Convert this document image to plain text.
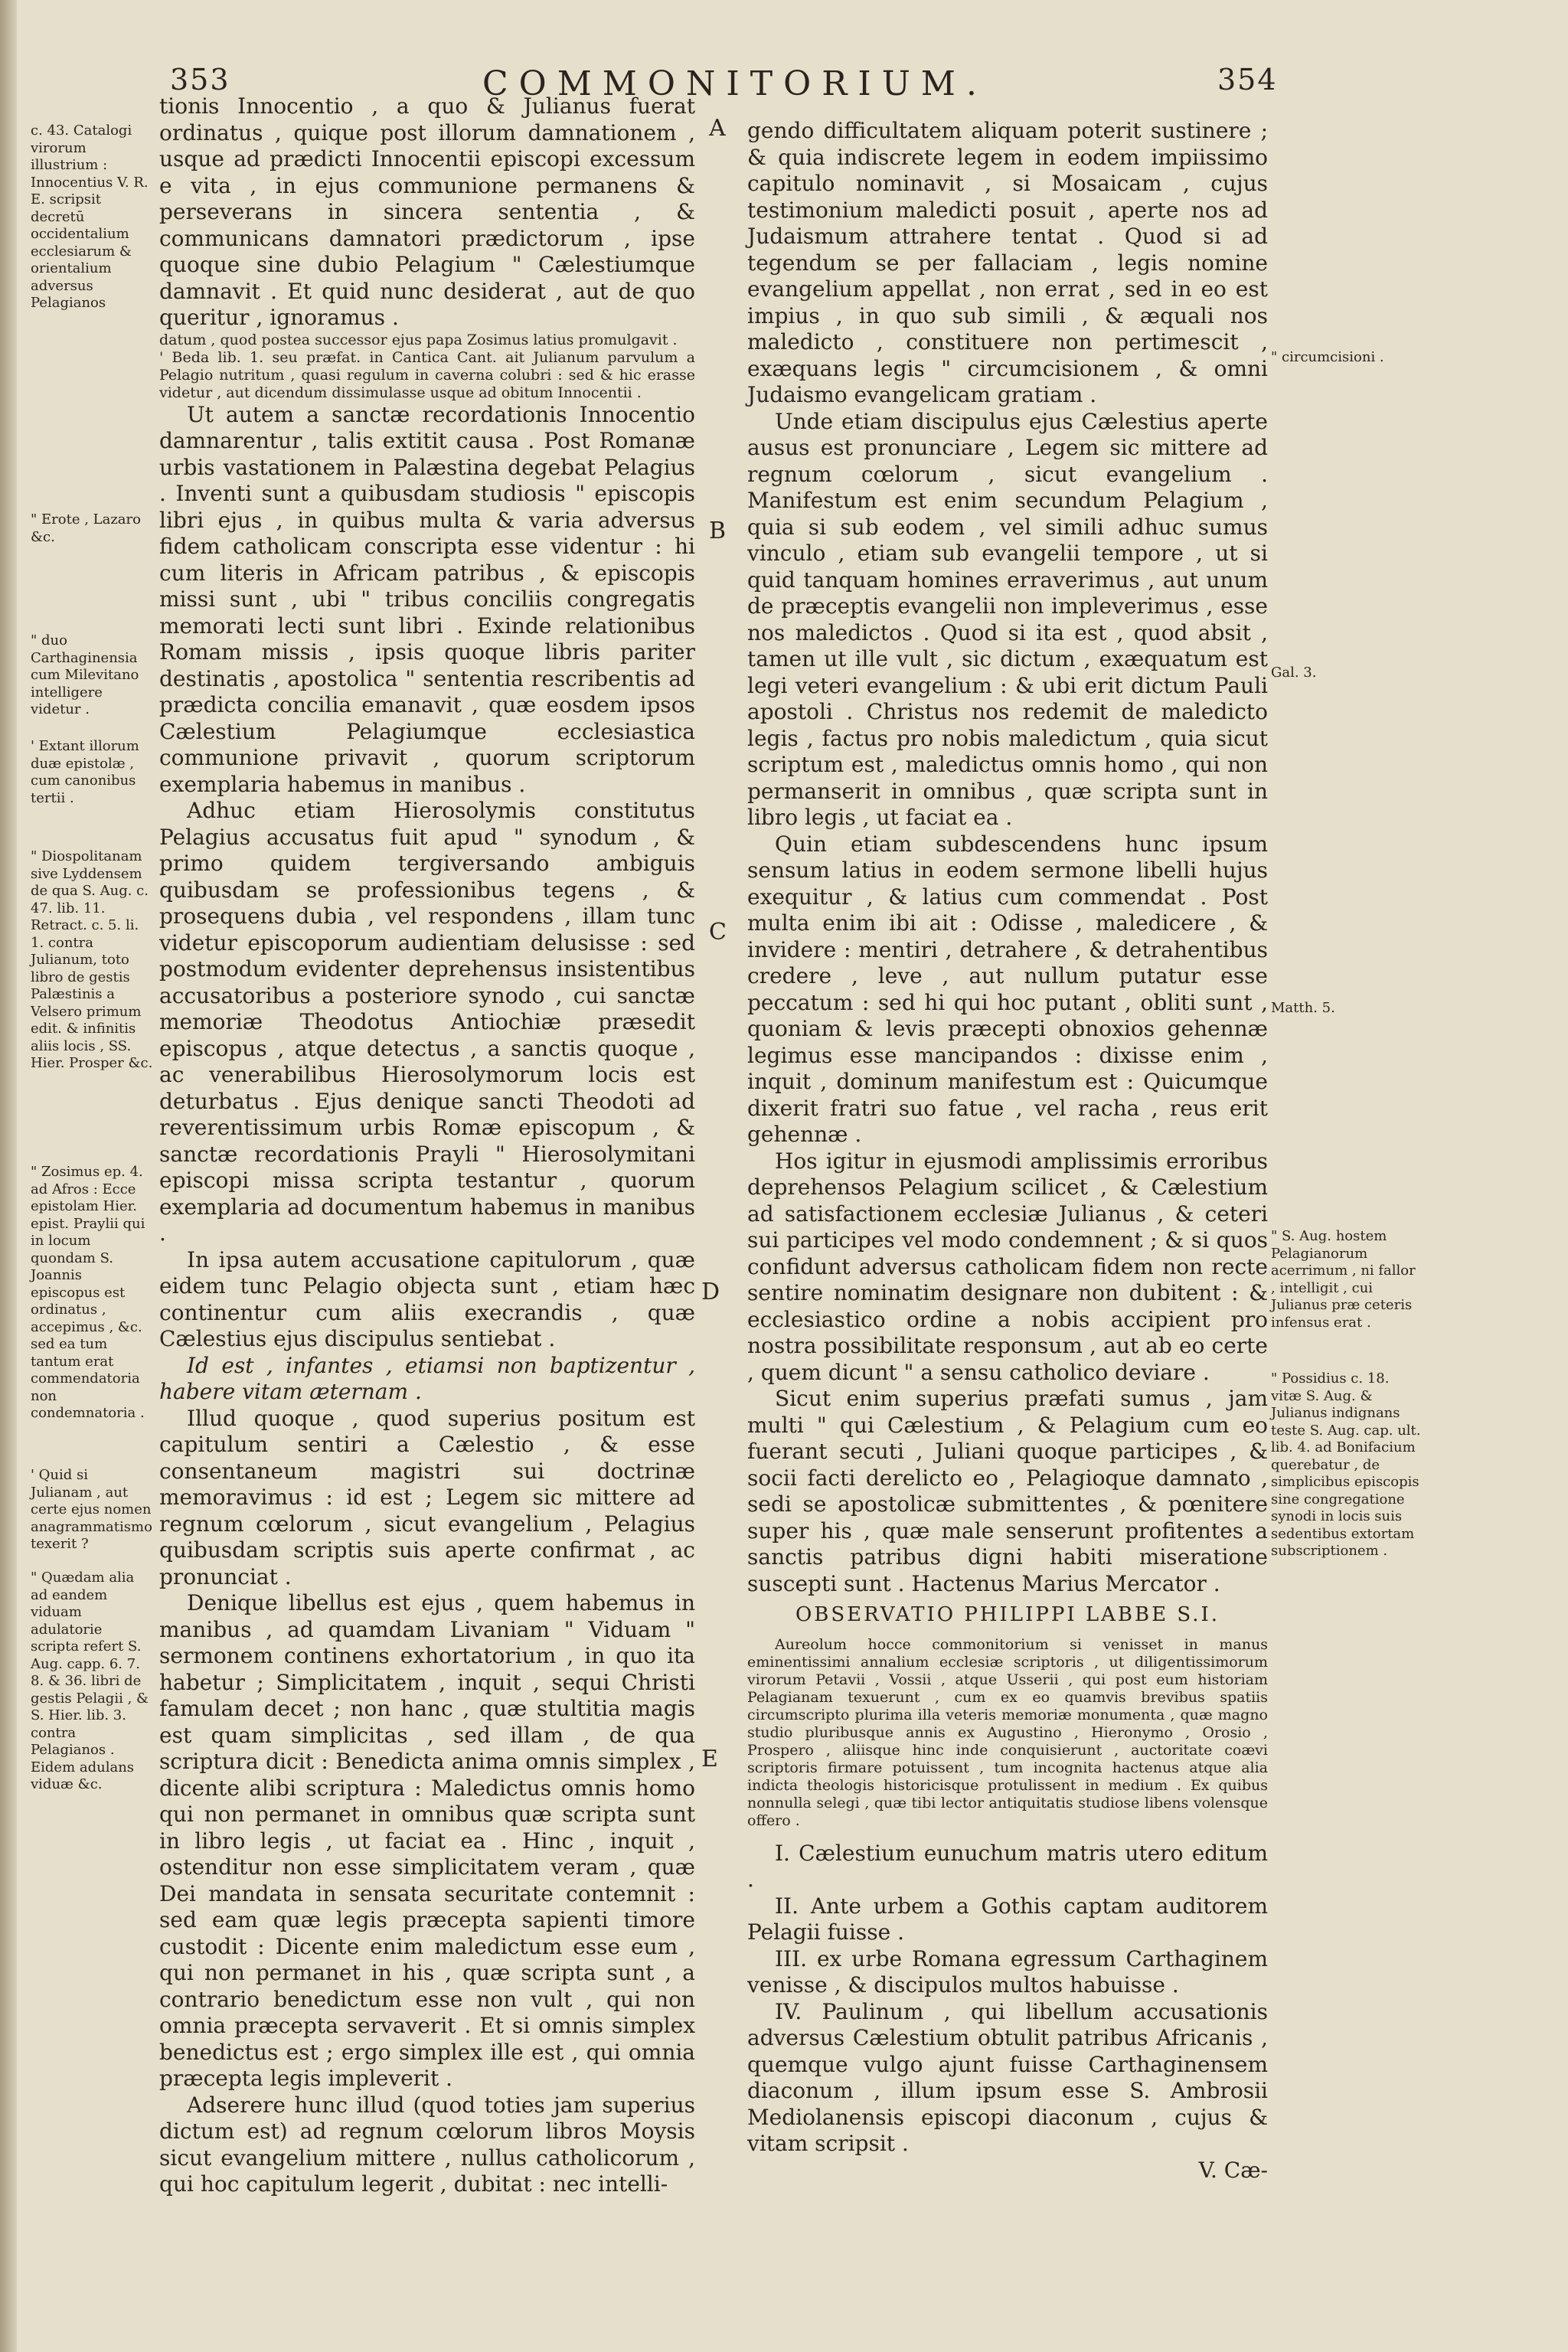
353	COMMONITORIUM.	354
A
B
C
D
E

tionis Innocentio , a quo & Julianus fuerat ordinatus , quique post illorum damnationem , usque ad prædicti Innocentii episcopi excessum e vita , in ejus communione permanens & perseverans in sincera sententia , & communicans damnatori prædictorum , ipse quoque sine dubio Pelagium " Cælestiumque damnavit . Et quid nunc desiderat , aut de quo queritur , ignoramus .

datum , quod postea successor ejus papa Zosimus latius promulgavit .

' Beda lib. 1. seu præfat. in Cantica Cant. ait Julianum parvulum a Pelagio nutritum , quasi regulum in caverna colubri : sed & hic erasse videtur , aut dicendum dissimulasse usque ad obitum Innocentii .

Ut autem a sanctæ recordationis Innocentio damnarentur , talis extitit causa . Post Romanæ urbis vastationem in Palæstina degebat Pelagius . Inventi sunt a quibusdam studiosis " episcopis libri ejus , in quibus multa & varia adversus fidem catholicam conscripta esse videntur : hi cum literis in Africam patribus , & episcopis missi sunt , ubi " tribus conciliis congregatis memorati lecti sunt libri . Exinde relationibus Romam missis , ipsis quoque libris pariter destinatis , apostolica " sententia rescribentis ad prædicta concilia emanavit , quæ eosdem ipsos Cælestium Pelagiumque ecclesiastica communione privavit , quorum scriptorum exemplaria habemus in manibus .

Adhuc etiam Hierosolymis constitutus Pelagius accusatus fuit apud " synodum , & primo quidem tergiversando ambiguis quibusdam se professionibus tegens , & prosequens dubia , vel respondens , illam tunc videtur episcoporum audientiam delusisse : sed postmodum evidenter deprehensus insistentibus accusatoribus a posteriore synodo , cui sanctæ memoriæ Theodotus Antiochiæ præsedit episcopus , atque detectus , a sanctis quoque , ac venerabilibus Hierosolymorum locis est deturbatus . Ejus denique sancti Theodoti ad reverentissimum urbis Romæ episcopum , & sanctæ recordationis Prayli " Hierosolymitani episcopi missa scripta testantur , quorum exemplaria ad documentum habemus in manibus .

In ipsa autem accusatione capitulorum , quæ eidem tunc Pelagio objecta sunt , etiam hæc continentur cum aliis execrandis , quæ Cælestius ejus discipulus sentiebat .

Id est , infantes , etiamsi non baptizentur , habere vitam æternam .

Illud quoque , quod superius positum est capitulum sentiri a Cælestio , & esse consentaneum magistri sui doctrinæ memoravimus : id est ; Legem sic mittere ad regnum cœlorum , sicut evangelium , Pelagius quibusdam scriptis suis aperte confirmat , ac pronunciat .

Denique libellus est ejus , quem habemus in manibus , ad quamdam Livaniam " Viduam " sermonem continens exhortatorium , in quo ita habetur ; Simplicitatem , inquit , sequi Christi famulam decet ; non hanc , quæ stultitia magis est quam simplicitas , sed illam , de qua scriptura dicit : Benedicta anima omnis simplex , dicente alibi scriptura : Maledictus omnis homo qui non permanet in omnibus quæ scripta sunt in libro legis , ut faciat ea . Hinc , inquit , ostenditur non esse simplicitatem veram , quæ Dei mandata in sensata securitate contemnit : sed eam quæ legis præcepta sapienti timore custodit : Dicente enim maledictum esse eum , qui non permanet in his , quæ scripta sunt , a contrario benedictum esse non vult , qui non omnia præcepta servaverit . Et si omnis simplex benedictus est ; ergo simplex ille est , qui omnia præcepta legis impleverit .

Adserere hunc illud (quod toties jam superius dictum est) ad regnum cœlorum libros Moysis sicut evangelium mittere , nullus catholicorum , qui hoc capitulum legerit , dubitat : nec intelli-

gendo difficultatem aliquam poterit sustinere ; & quia indiscrete legem in eodem impiissimo capitulo nominavit , si Mosaicam , cujus testimonium maledicti posuit , aperte nos ad Judaismum attrahere tentat . Quod si ad tegendum se per fallaciam , legis nomine evangelium appellat , non errat , sed in eo est impius , in quo sub simili , & æquali nos maledicto , constituere non pertimescit , exæquans legis " circumcisionem , & omni Judaismo evangelicam gratiam .

Unde etiam discipulus ejus Cælestius aperte ausus est pronunciare , Legem sic mittere ad regnum cœlorum , sicut evangelium . Manifestum est enim secundum Pelagium , quia si sub eodem , vel simili adhuc sumus vinculo , etiam sub evangelii tempore , ut si quid tanquam homines erraverimus , aut unum de præceptis evangelii non impleverimus , esse nos maledictos . Quod si ita est , quod absit , tamen ut ille vult , sic dictum , exæquatum est legi veteri evangelium : & ubi erit dictum Pauli apostoli . Christus nos redemit de maledicto legis , factus pro nobis maledictum , quia sicut scriptum est , maledictus omnis homo , qui non permanserit in omnibus , quæ scripta sunt in libro legis , ut faciat ea .

Quin etiam subdescendens hunc ipsum sensum latius in eodem sermone libelli hujus exequitur , & latius cum commendat . Post multa enim ibi ait : Odisse , maledicere , & invidere : mentiri , detrahere , & detrahentibus credere , leve , aut nullum putatur esse peccatum : sed hi qui hoc putant , obliti sunt , quoniam & levis præcepti obnoxios gehennæ legimus esse mancipandos : dixisse enim , inquit , dominum manifestum est : Quicumque dixerit fratri suo fatue , vel racha , reus erit gehennæ .

Hos igitur in ejusmodi amplissimis erroribus deprehensos Pelagium scilicet , & Cælestium ad satisfactionem ecclesiæ Julianus , & ceteri sui participes vel modo condemnent ; & si quos confidunt adversus catholicam fidem non recte sentire nominatim designare non dubitent : & ecclesiastico ordine a nobis accipient pro nostra possibilitate responsum , aut ab eo certe , quem dicunt " a sensu catholico deviare .

Sicut enim superius præfati sumus , jam multi " qui Cælestium , & Pelagium cum eo fuerant secuti , Juliani quoque participes , & socii facti derelicto eo , Pelagioque damnato , sedi se apostolicæ submittentes , & pœnitere super his , quæ male senserunt profitentes a sanctis patribus digni habiti miseratione suscepti sunt . Hactenus Marius Mercator .

OBSERVATIO PHILIPPI LABBE S.I.

Aureolum hocce commonitorium si venisset in manus eminentissimi annalium ecclesiæ scriptoris , ut diligentissimorum virorum Petavii , Vossii , atque Usserii , qui post eum historiam Pelagianam texuerunt , cum ex eo quamvis brevibus spatiis circumscripto plurima illa veteris memoriæ monumenta , quæ magno studio pluribusque annis ex Augustino , Hieronymo , Orosio , Prospero , aliisque hinc inde conquisierunt , auctoritate coævi scriptoris firmare potuissent , tum incognita hactenus atque alia indicta theologis historicisque protulissent in medium . Ex quibus nonnulla selegi , quæ tibi lector antiquitatis studiose libens volensque offero .

I. Cælestium eunuchum matris utero editum .

II. Ante urbem a Gothis captam auditorem Pelagii fuisse .

III. ex urbe Romana egressum Carthaginem venisse , & discipulos multos habuisse .

IV. Paulinum , qui libellum accusationis adversus Cælestium obtulit patribus Africanis , quemque vulgo ajunt fuisse Carthaginensem diaconum , illum ipsum esse S. Ambrosii Mediolanensis episcopi diaconum , cujus & vitam scripsit .

V. Cæ-

c. 43. Catalogi virorum illustrium : Innocentius V. R. E. scripsit decretū occidentalium ecclesiarum & orientalium adversus Pelagianos
" Erote , Lazaro &c.
" duo Carthaginensia cum Milevitano intelligere videtur .
' Extant illorum duæ epistolæ , cum canonibus tertii .
" Diospolitanam sive Lyddensem de qua S. Aug. c. 47. lib. 11. Retract. c. 5. li. 1. contra Julianum, toto libro de gestis Palæstinis a Velsero primum edit. & infinitis aliis locis , SS. Hier. Prosper &c.
" Zosimus ep. 4. ad Afros : Ecce epistolam Hier. epist. Praylii qui in locum quondam S. Joannis episcopus est ordinatus , accepimus , &c. sed ea tum tantum erat commendatoria non condemnatoria .
' Quid si Julianam , aut certe ejus nomen anagrammatismo texerit ?
" Quædam alia ad eandem viduam adulatorie scripta refert S. Aug. capp. 6. 7. 8. & 36. libri de gestis Pelagii , & S. Hier. lib. 3. contra Pelagianos . Eidem adulans viduæ &c.
" circumcisioni .
Gal. 3.
Matth. 5.
" S. Aug. hostem Pelagianorum acerrimum , ni fallor , intelligit , cui Julianus præ ceteris infensus erat .
" Possidius c. 18. vitæ S. Aug. & Julianus indignans teste S. Aug. cap. ult. lib. 4. ad Bonifacium querebatur , de simplicibus episcopis sine congregatione synodi in locis suis sedentibus extortam subscriptionem .
